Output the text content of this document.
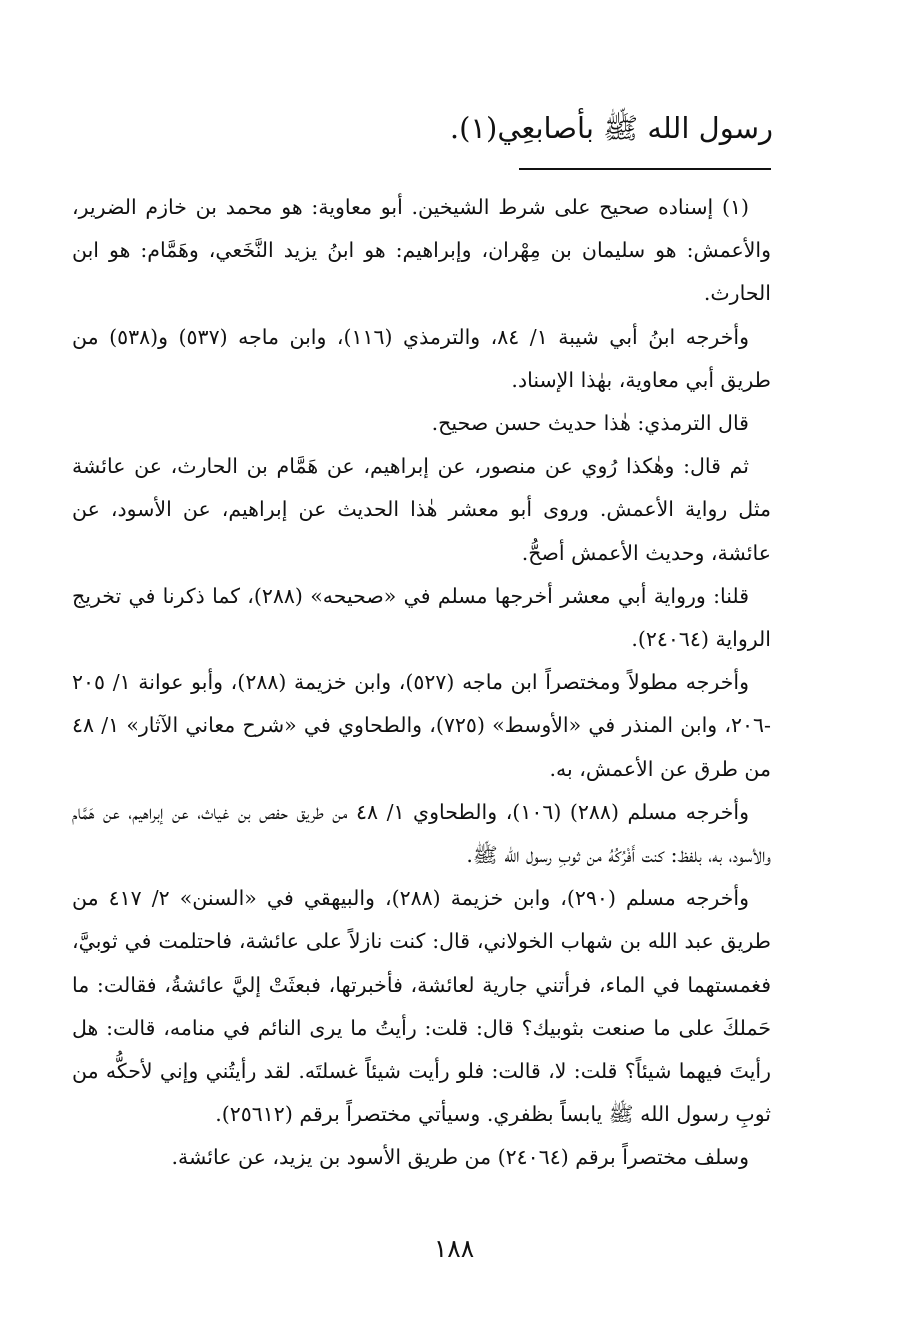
رسول الله ﷺ بأصابعِي(١).

(١) إسناده صحيح على شرط الشيخين. أبو معاوية: هو محمد بن خازم الضرير، والأعمش: هو سليمان بن مِهْران، وإبراهيم: هو ابنُ يزيد النَّخَعي، وهَمَّام: هو ابن الحارث.

وأخرجه ابنُ أبي شيبة ١/ ٨٤، والترمذي (١١٦)، وابن ماجه (٥٣٧) و(٥٣٨) من طريق أبي معاوية، بهٰذا الإسناد.

قال الترمذي: هٰذا حديث حسن صحيح.

ثم قال: وهٰكذا رُوي عن منصور، عن إبراهيم، عن هَمَّام بن الحارث، عن عائشة مثل رواية الأعمش. وروى أبو معشر هٰذا الحديث عن إبراهيم، عن الأسود، عن عائشة، وحديث الأعمش أصحُّ.

قلنا: ورواية أبي معشر أخرجها مسلم في «صحيحه» (٢٨٨)، كما ذكرنا في تخريج الرواية (٢٤٠٦٤).

وأخرجه مطولاً ومختصراً ابن ماجه (٥٢٧)، وابن خزيمة (٢٨٨)، وأبو عوانة ١/ ٢٠٥ -٢٠٦، وابن المنذر في «الأوسط» (٧٢٥)، والطحاوي في «شرح معاني الآثار» ١/ ٤٨ من طرق عن الأعمش، به.

وأخرجه مسلم (٢٨٨) (١٠٦)، والطحاوي ١/ ٤٨ من طريق حفص بن غياث، عن إبراهيم، عن هَمَّام والأسود، به، بلفظ: كنت أَفْرُكُهُ من ثوبِ رسول الله ﷺ.

وأخرجه مسلم (٢٩٠)، وابن خزيمة (٢٨٨)، والبيهقي في «السنن» ٢/ ٤١٧ من طريق عبد الله بن شهاب الخولاني، قال: كنت نازلاً على عائشة، فاحتلمت في ثوبيَّ، فغمستهما في الماء، فرأتني جارية لعائشة، فأخبرتها، فبعثَتْ إليَّ عائشةُ، فقالت: ما حَملكَ على ما صنعت بثوبيك؟ قال: قلت: رأيتُ ما يرى النائم في منامه، قالت: هل رأيتَ فيهما شيئاً؟ قلت: لا، قالت: فلو رأيت شيئاً غسلتَه. لقد رأيتُني وإني لأحكُّه من ثوبِ رسول الله ﷺ يابساً بظفري. وسيأتي مختصراً برقم (٢٥٦١٢).

وسلف مختصراً برقم (٢٤٠٦٤) من طريق الأسود بن يزيد، عن عائشة.

١٨٨
